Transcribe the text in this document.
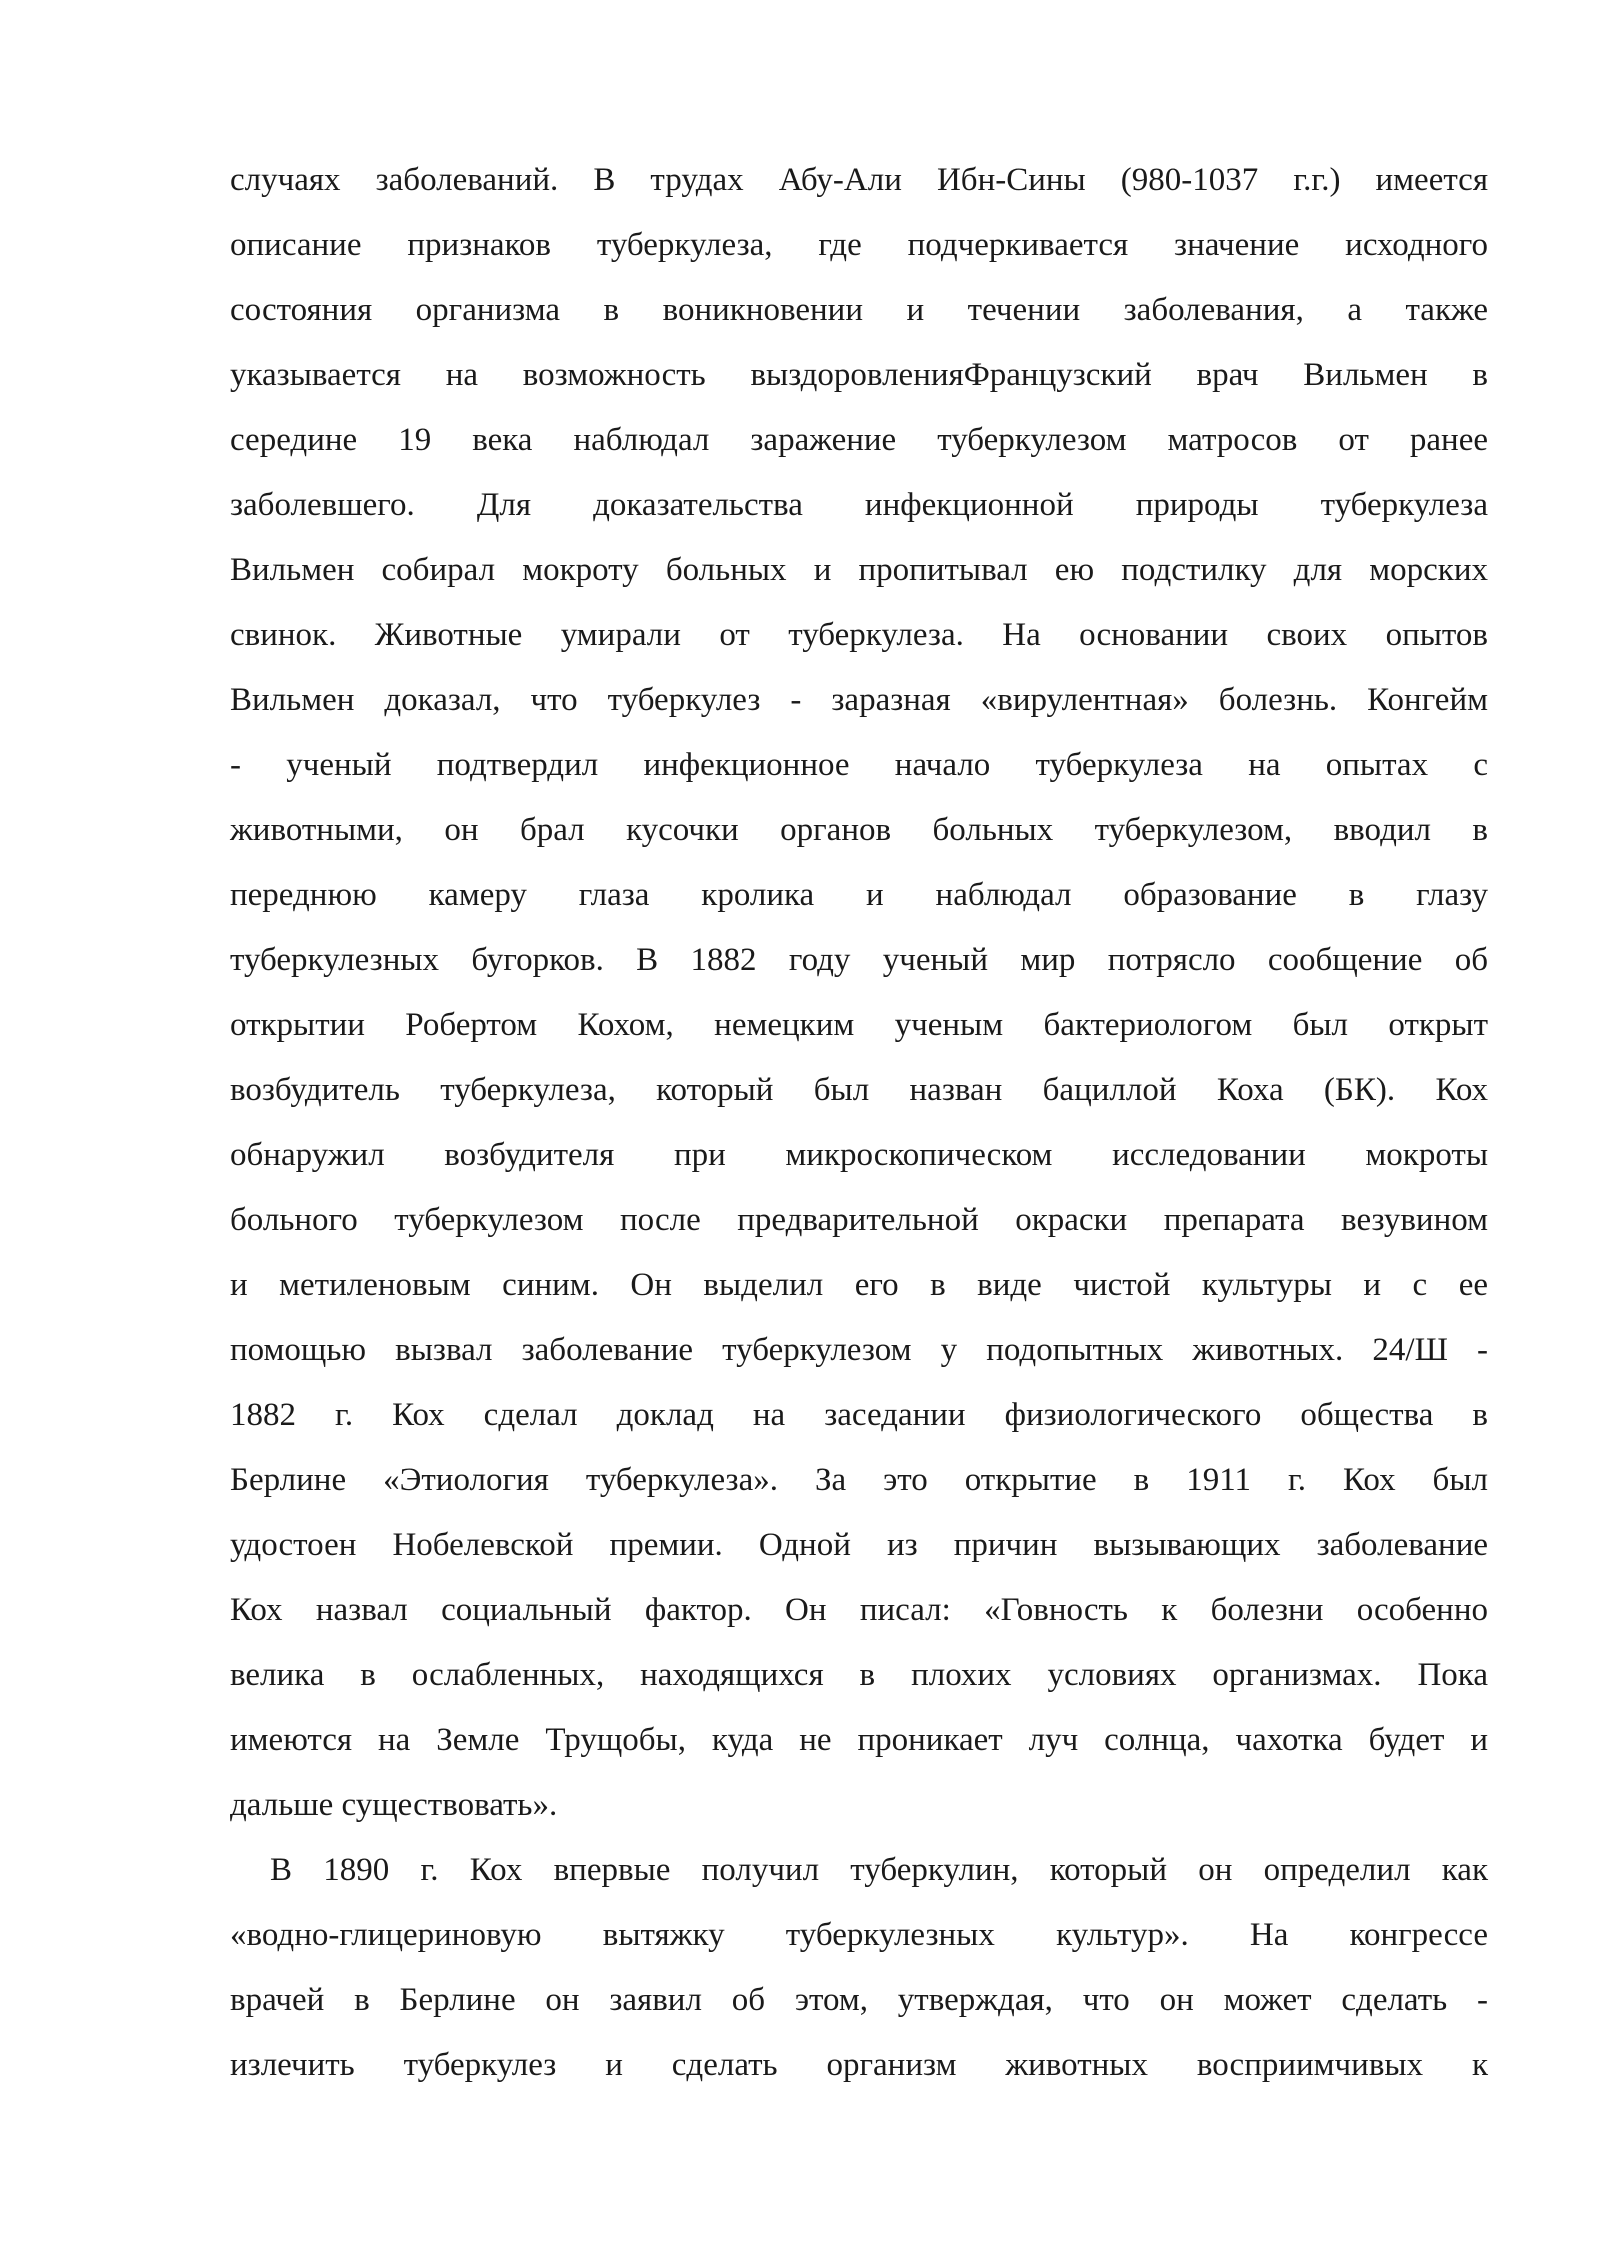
случаях заболеваний. В трудах Абу-Али Ибн-Сины (980-1037 г.г.) имеется
описание признаков туберкулеза, где подчеркивается значение исходного
состояния организма в воникновении и течении заболевания, а также
указывается на возможность выздоровленияФранцузский врач Вильмен в
середине 19 века наблюдал заражение туберкулезом матросов от ранее
заболевшего. Для доказательства инфекционной природы туберкулеза
Вильмен собирал мокроту больных и пропитывал ею подстилку для морских
свинок. Животные умирали от туберкулеза. На основании своих опытов
Вильмен доказал, что туберкулез - заразная «вирулентная» болезнь. Конгейм
- ученый подтвердил инфекционное начало туберкулеза на опытах с
животными, он брал кусочки органов больных туберкулезом, вводил в
переднюю камеру глаза кролика и наблюдал образование в глазу
туберкулезных бугорков. В 1882 году ученый мир потрясло сообщение об
открытии Робертом Кохом, немецким ученым бактериологом был открыт
возбудитель туберкулеза, который был назван бациллой Коха (БК). Кох
обнаружил возбудителя при микроскопическом исследовании мокроты
больного туберкулезом после предварительной окраски препарата везувином
и метиленовым синим. Он выделил его в виде чистой культуры и с ее
помощью вызвал заболевание туберкулезом у подопытных животных. 24/Ш -
1882 г. Кох сделал доклад на заседании физиологического общества в
Берлине «Этиология туберкулеза». За это открытие в 1911 г. Кох был
удостоен Нобелевской премии. Одной из причин вызывающих заболевание
Кох назвал социальный фактор. Он писал: «Говность к болезни особенно
велика в ослабленных, находящихся в плохих условиях организмах. Пока
имеются на Земле Трущобы, куда не проникает луч солнца, чахотка будет и
дальше существовать».
В 1890 г. Кох впервые получил туберкулин, который он определил как
«водно-глицериновую вытяжку туберкулезных культур». На конгрессе
врачей в Берлине он заявил об этом, утверждая, что он может сделать -
излечить туберкулез и сделать организм животных восприимчивых к
